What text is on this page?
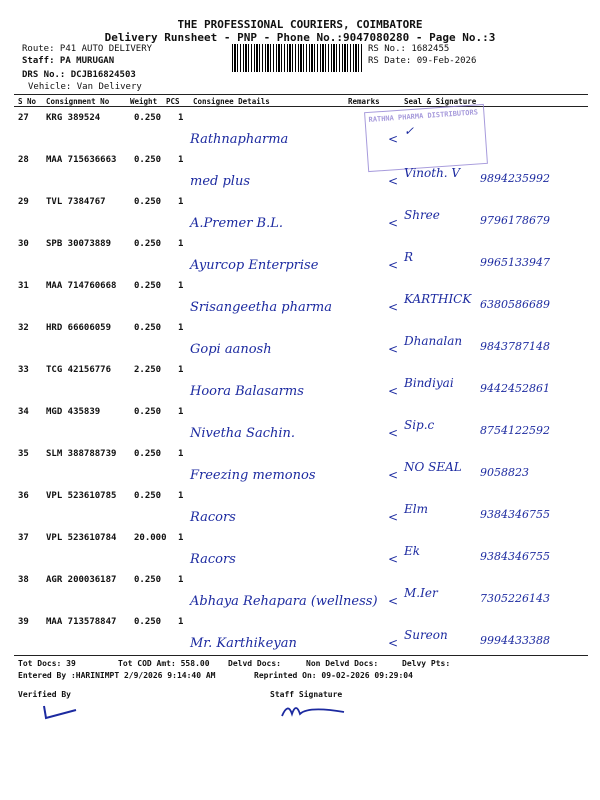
THE PROFESSIONAL COURIERS, COIMBATORE
Delivery Runsheet - PNP - Phone No.:9047080280 - Page No.:3
Route: P41 AUTO DELIVERY
Staff: PA MURUGAN
DRS No.: DCJB16824503
Vehicle: Van Delivery
RS No.: 1682455
RS Date: 09-Feb-2026
S No Consignment No	Weight PCS Consignee Details	Remarks	Seal & Signature
RATHNA PHARMA DISTRIBUTORS
27 KRG 389524	0.250 1
Rathnapharma	<
✓
28 MAA 715636663 0.250 1
med plus	<
Vinoth. V 9894235992
29 TVL 7384767	0.250 1
A.Premer B.L.	<
Shree	9796178679
30 SPB 30073889	0.250 1
Ayurcop Enterprise	<
R	9965133947
31 MAA 714760668 0.250 1
Srisangeetha pharma	<
KARTHICK 6380586689
32 HRD 66606059	0.250 1
Gopi aanosh	<
Dhanalan 9843787148
33 TCG 42156776	2.250 1
Hoora Balasarms	<
Bindiyai 9442452861
34 MGD 435839	0.250 1
Nivetha Sachin.	<
Sip.c	8754122592
35 SLM 388788739 0.250 1
Freezing memonos	<
NO SEAL 9058823
36 VPL 523610785 0.250 1
Racors	<
Elm	9384346755
37 VPL 523610784 20.000 1
Racors	<
Ek	9384346755
38 AGR 200036187 0.250 1
Abhaya Rehapara (wellness) <
M.Ier	7305226143
39 MAA 713578847 0.250 1
Mr. Karthikeyan	<
Sureon	9994433388
Tot Docs: 39	Tot COD Amt: 558.00 Delvd Docs:	Non Delvd Docs:	Delvy Pts:
Entered By :HARINIMPT 2/9/2026 9:14:40 AM	Reprinted On: 09-02-2026 09:29:04
Verified By	Staff Signature
